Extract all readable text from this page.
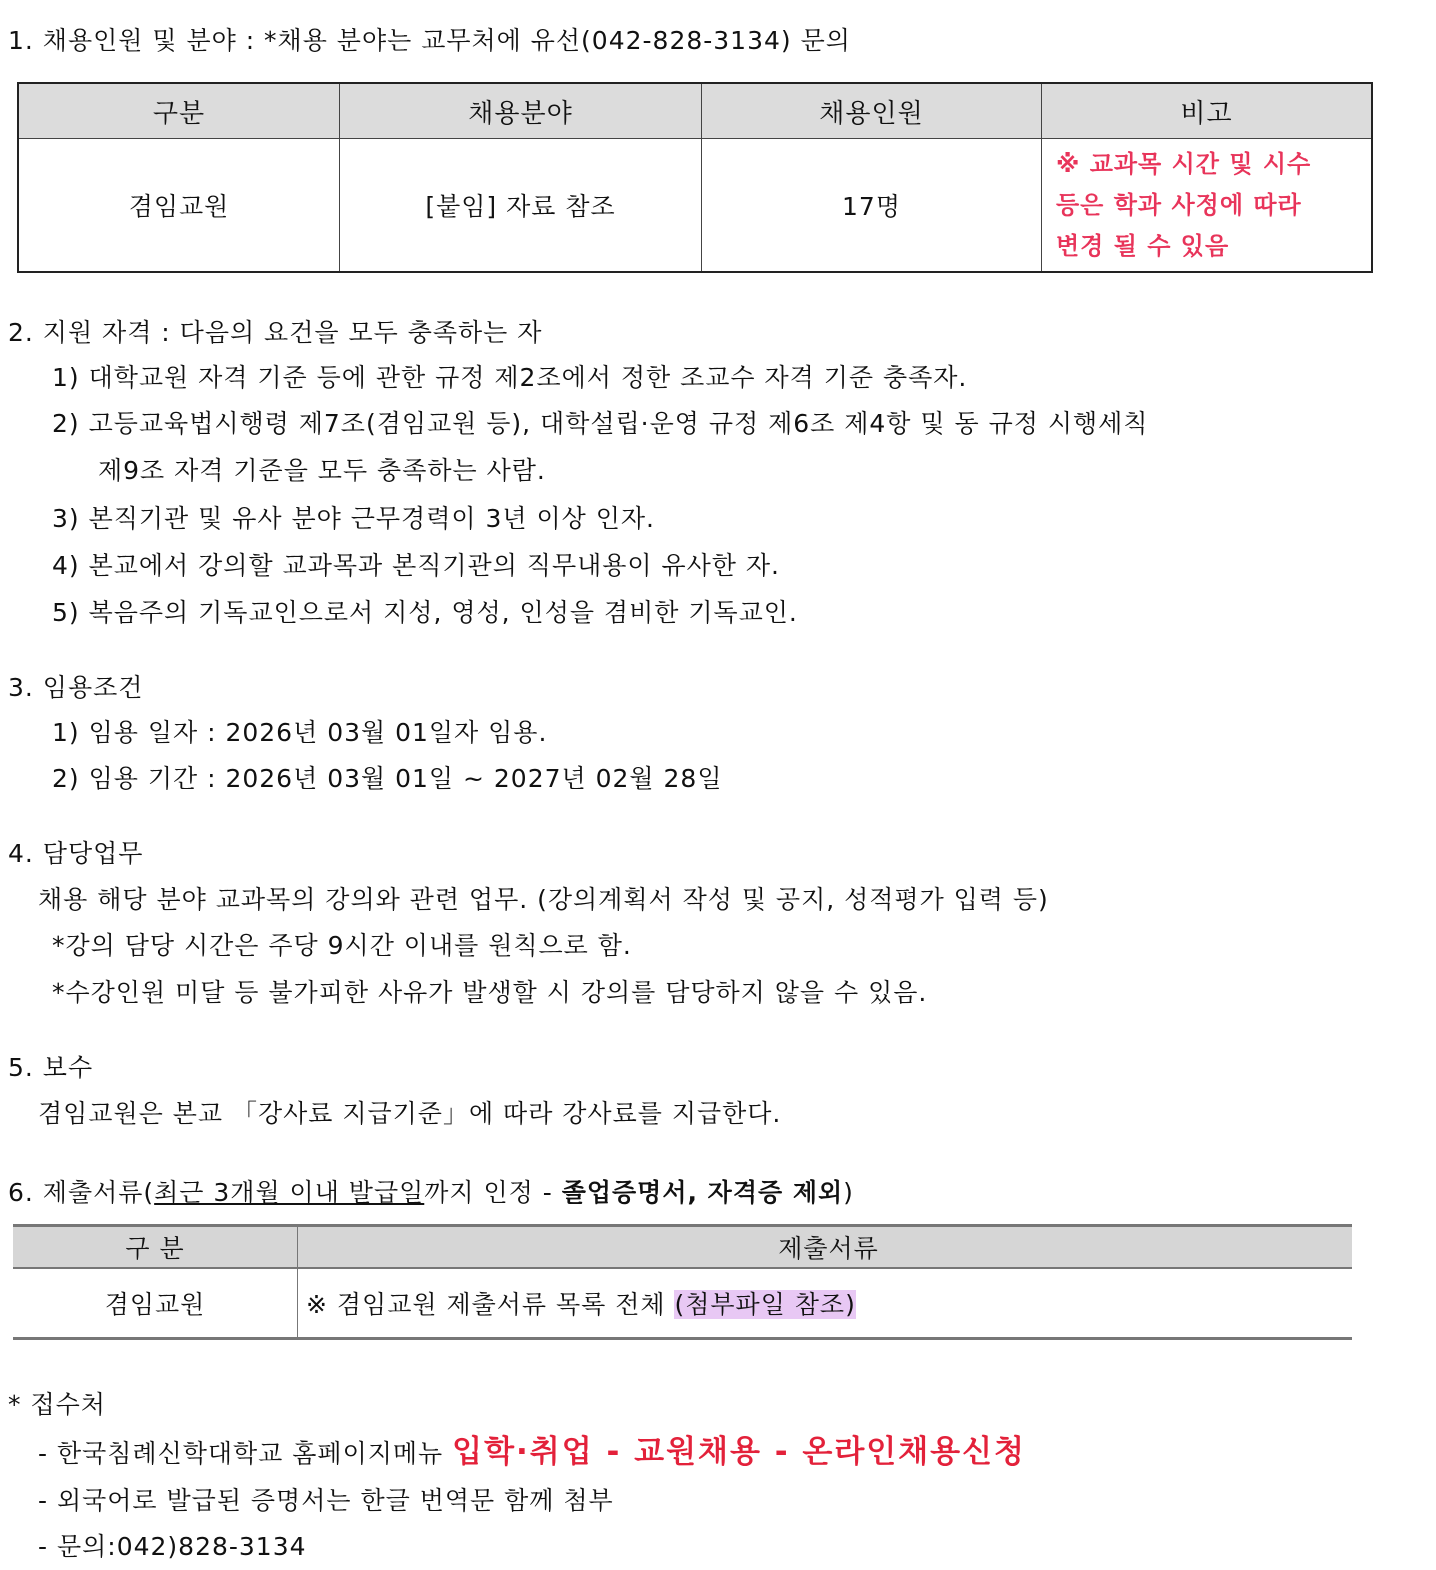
1. 채용인원 및 분야 : *채용 분야는 교무처에 유선(042-828-3134) 문의
구분	채용분야	채용인원	비고
겸임교원	[붙임] 자료 참조	17명	※ 교과목 시간 및 시수
등은 학과 사정에 따라
변경 될 수 있음
2. 지원 자격 : 다음의 요건을 모두 충족하는 자
1) 대학교원 자격 기준 등에 관한 규정 제2조에서 정한 조교수 자격 기준 충족자.
2) 고등교육법시행령 제7조(겸임교원 등), 대학설립·운영 규정 제6조 제4항 및 동 규정 시행세칙
제9조 자격 기준을 모두 충족하는 사람.
3) 본직기관 및 유사 분야 근무경력이 3년 이상 인자.
4) 본교에서 강의할 교과목과 본직기관의 직무내용이 유사한 자.
5) 복음주의 기독교인으로서 지성, 영성, 인성을 겸비한 기독교인.
3. 임용조건
1) 임용 일자 : 2026년 03월 01일자 임용.
2) 임용 기간 : 2026년 03월 01일 ~ 2027년 02월 28일
4. 담당업무
채용 해당 분야 교과목의 강의와 관련 업무. (강의계획서 작성 및 공지, 성적평가 입력 등)
*강의 담당 시간은 주당 9시간 이내를 원칙으로 함.
*수강인원 미달 등 불가피한 사유가 발생할 시 강의를 담당하지 않을 수 있음.
5. 보수
겸임교원은 본교 「강사료 지급기준」에 따라 강사료를 지급한다.
6. 제출서류(최근 3개월 이내 발급일까지 인정 - 졸업증명서, 자격증 제외)
구 분	제출서류
겸임교원	※ 겸임교원 제출서류 목록 전체 (첨부파일 참조)
* 접수처
- 한국침례신학대학교 홈페이지메뉴 입학·취업 - 교원채용 - 온라인채용신청
- 외국어로 발급된 증명서는 한글 번역문 함께 첨부
- 문의:042)828-3134
